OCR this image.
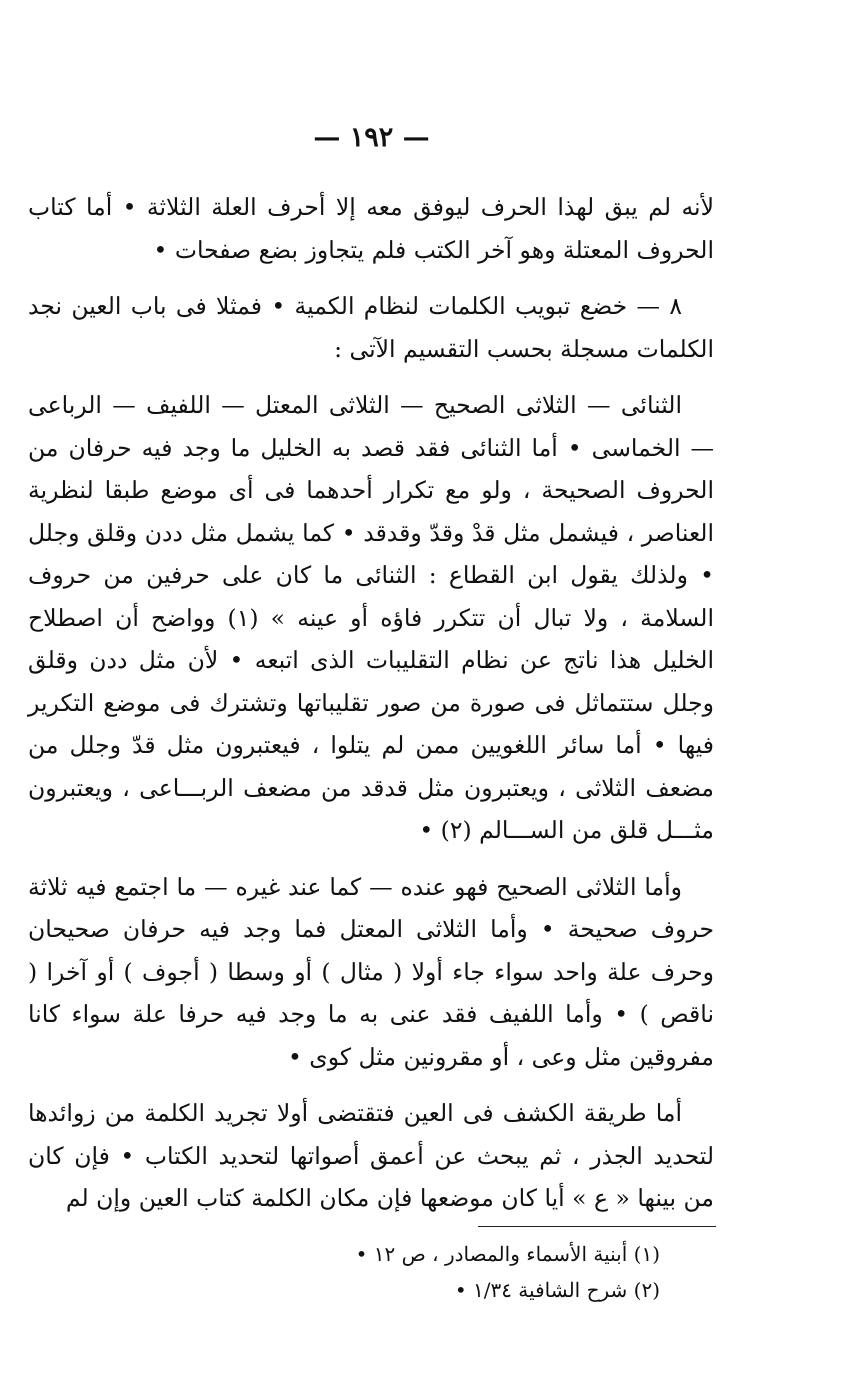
— ١٩٢ —

لأنه لم يبق لهذا الحرف ليوفق معه إلا أحرف العلة الثلاثة • أما كتاب الحروف المعتلة وهو آخر الكتب فلم يتجاوز بضع صفحات •

٨ — خضع تبويب الكلمات لنظام الكمية • فمثلا فى باب العين نجد الكلمات مسجلة بحسب التقسيم الآتى :

الثنائى — الثلاثى الصحيح — الثلاثى المعتل — اللفيف — الرباعى — الخماسى • أما الثنائى فقد قصد به الخليل ما وجد فيه حرفان من الحروف الصحيحة ، ولو مع تكرار أحدهما فى أى موضع طبقا لنظرية العناصر ، فيشمل مثل قدْ وقدّ وقدقد • كما يشمل مثل ددن وقلق وجلل • ولذلك يقول ابن القطاع : الثنائى ما كان على حرفين من حروف السلامة ، ولا تبال أن تتكرر فاؤه أو عينه » (١) وواضح أن اصطلاح الخليل هذا ناتج عن نظام التقليبات الذى اتبعه • لأن مثل ددن وقلق وجلل ستتماثل فى صورة من صور تقليباتها وتشترك فى موضع التكرير فيها • أما سائر اللغويين ممن لم يتلوا ، فيعتبرون مثل قدّ وجلل من مضعف الثلاثى ، ويعتبرون مثل قدقد من مضعف الربـــاعى ، ويعتبرون مثـــل قلق من الســـالم (٢) •

وأما الثلاثى الصحيح فهو عنده — كما عند غيره — ما اجتمع فيه ثلاثة حروف صحيحة • وأما الثلاثى المعتل فما وجد فيه حرفان صحيحان وحرف علة واحد سواء جاء أولا ( مثال ) أو وسطا ( أجوف ) أو آخرا ( ناقص ) • وأما اللفيف فقد عنى به ما وجد فيه حرفا علة سواء كانا مفروقين مثل وعى ، أو مقرونين مثل كوى •

أما طريقة الكشف فى العين فتقتضى أولا تجريد الكلمة من زوائدها لتحديد الجذر ، ثم يبحث عن أعمق أصواتها لتحديد الكتاب • فإن كان من بينها « ع » أيا كان موضعها فإن مكان الكلمة كتاب العين وإن لم

(١) أبنية الأسماء والمصادر ، ص ١٢ •
(٢) شرح الشافية ١/٣٤ •
